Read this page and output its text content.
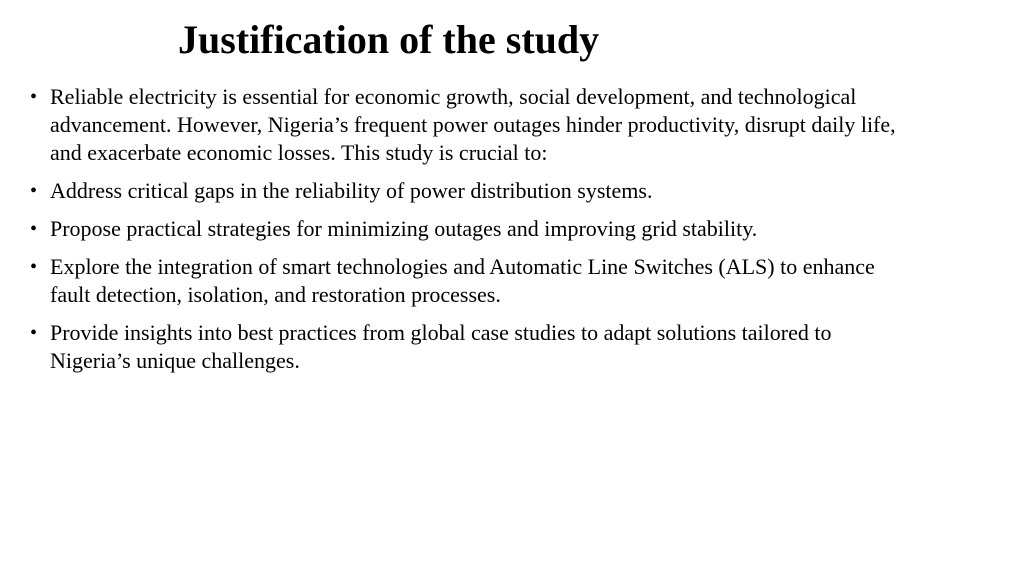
Justification of the study
• Reliable electricity is essential for economic growth, social development, and technological advancement. However, Nigeria’s frequent power outages hinder productivity, disrupt daily life, and exacerbate economic losses. This study is crucial to:
• Address critical gaps in the reliability of power distribution systems.
• Propose practical strategies for minimizing outages and improving grid stability.
• Explore the integration of smart technologies and Automatic Line Switches (ALS) to enhance fault detection, isolation, and restoration processes.
• Provide insights into best practices from global case studies to adapt solutions tailored to Nigeria’s unique challenges.
